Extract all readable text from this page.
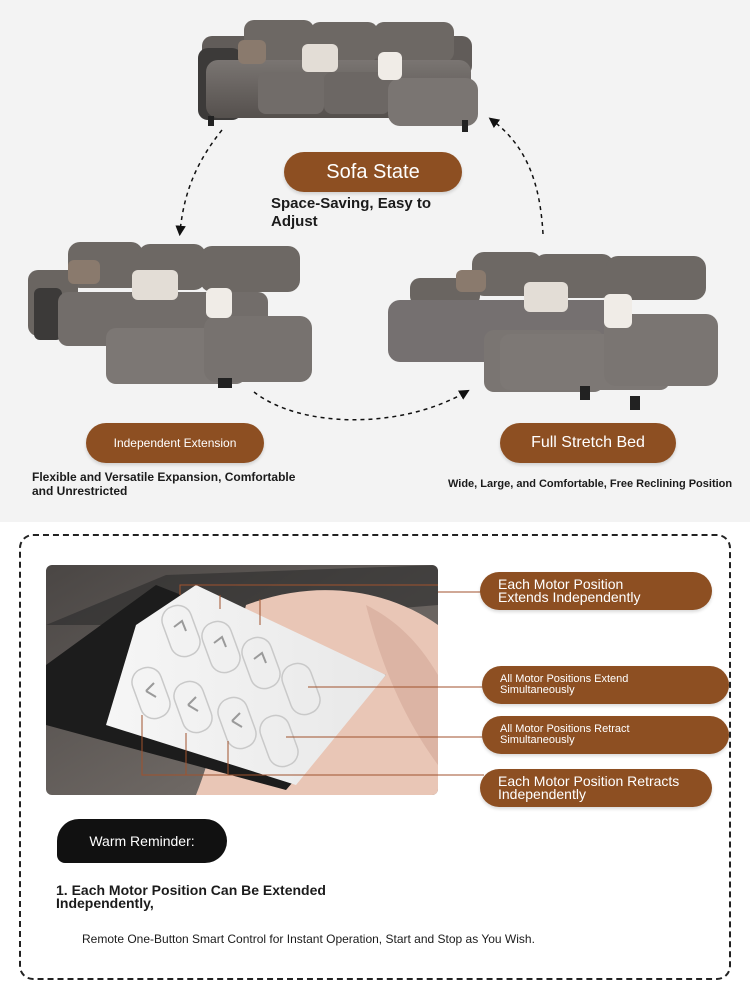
Sofa State
Space-Saving, Easy to Adjust
Independent Extension
Flexible and Versatile Expansion, Comfortable and Unrestricted
Full Stretch Bed
Wide, Large, and Comfortable, Free Reclining Position
Each Motor Position Extends Independently
All Motor Positions Extend Simultaneously
All Motor Positions Retract Simultaneously
Each Motor Position Retracts Independently
Warm Reminder:
1. Each Motor Position Can Be Extended Independently,
Remote One-Button Smart Control for Instant Operation, Start and Stop as You Wish.
